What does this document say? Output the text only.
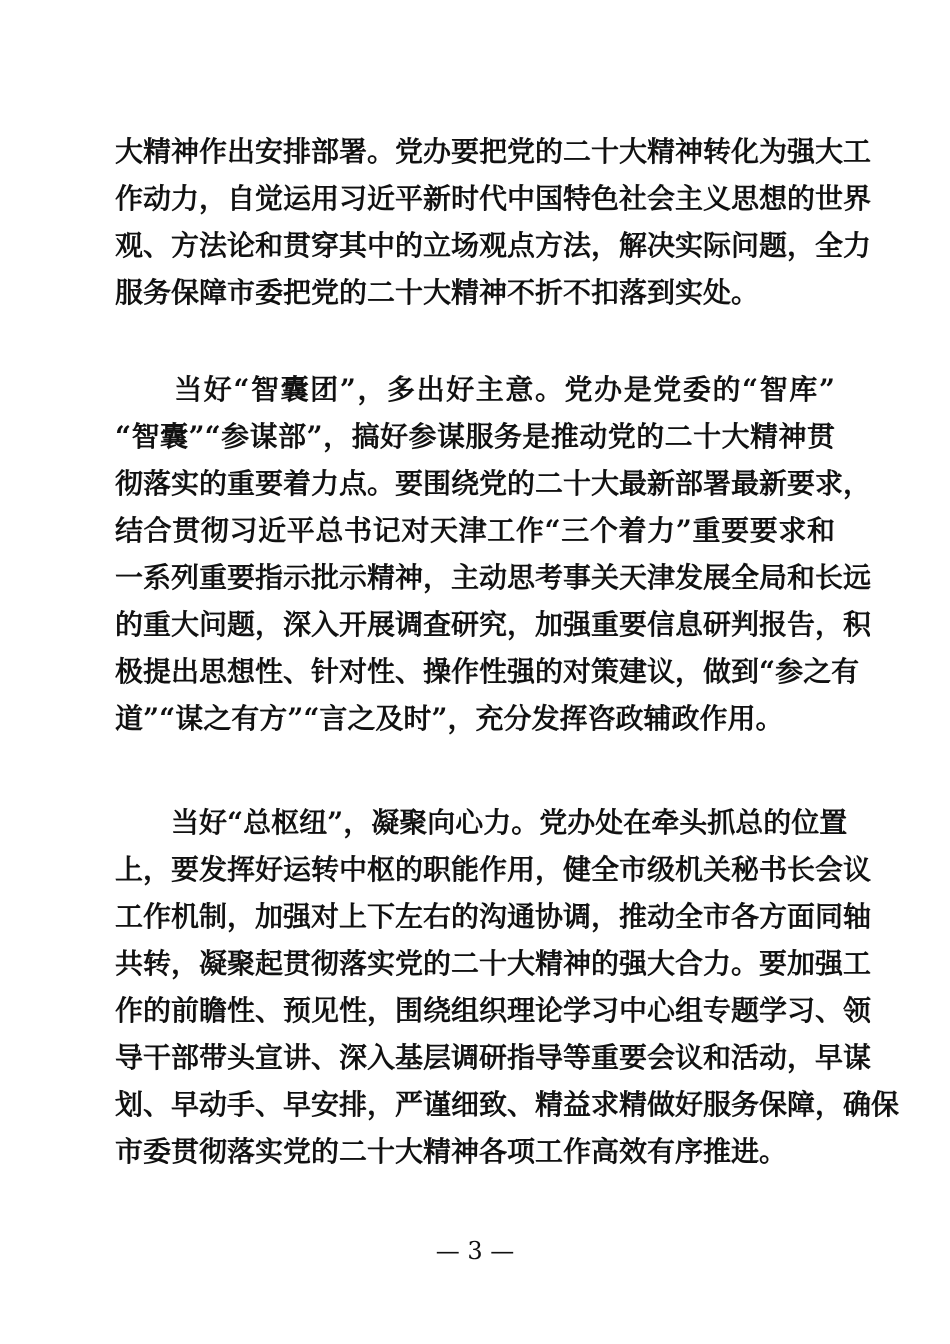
大精神作出安排部署。党办要把党的二十大精神转化为强大工
作动力，自觉运用习近平新时代中国特色社会主义思想的世界
观、方法论和贯穿其中的立场观点方法，解决实际问题，全力
服务保障市委把党的二十大精神不折不扣落到实处。
　　当好“智囊团”，多出好主意。党办是党委的“智库”
“智囊”“参谋部”，搞好参谋服务是推动党的二十大精神贯
彻落实的重要着力点。要围绕党的二十大最新部署最新要求，
结合贯彻习近平总书记对天津工作“三个着力”重要要求和
一系列重要指示批示精神，主动思考事关天津发展全局和长远
的重大问题，深入开展调查研究，加强重要信息研判报告，积
极提出思想性、针对性、操作性强的对策建议，做到“参之有
道”“谋之有方”“言之及时”，充分发挥咨政辅政作用。
　　当好“总枢纽”，凝聚向心力。党办处在牵头抓总的位置
上，要发挥好运转中枢的职能作用，健全市级机关秘书长会议
工作机制，加强对上下左右的沟通协调，推动全市各方面同轴
共转，凝聚起贯彻落实党的二十大精神的强大合力。要加强工
作的前瞻性、预见性，围绕组织理论学习中心组专题学习、领
导干部带头宣讲、深入基层调研指导等重要会议和活动，早谋
划、早动手、早安排，严谨细致、精益求精做好服务保障，确保
市委贯彻落实党的二十大精神各项工作高效有序推进。
— 3 —
